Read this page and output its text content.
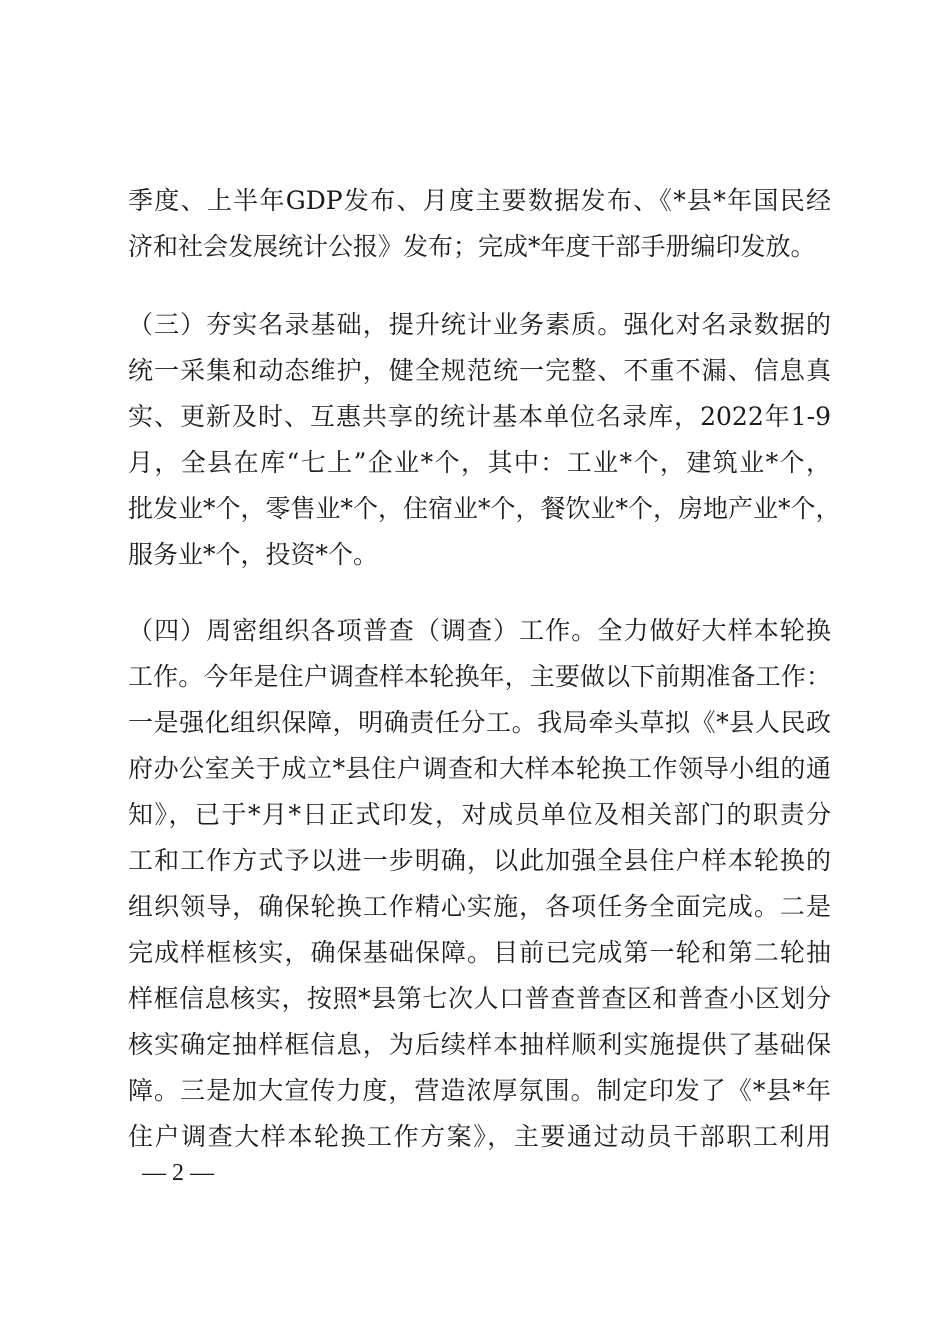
季度、上半年GDP发布、月度主要数据发布、《*县*年国民经
济和社会发展统计公报》发布；完成*年度干部手册编印发放。
（三）夯实名录基础，提升统计业务素质。强化对名录数据的
统一采集和动态维护，健全规范统一完整、不重不漏、信息真
实、更新及时、互惠共享的统计基本单位名录库，2022年1-9
月，全县在库“七上”企业*个，其中：工业*个，建筑业*个，
批发业*个，零售业*个，住宿业*个，餐饮业*个，房地产业*个，
服务业*个，投资*个。
（四）周密组织各项普查（调查）工作。全力做好大样本轮换
工作。今年是住户调查样本轮换年，主要做以下前期准备工作：
一是强化组织保障，明确责任分工。我局牵头草拟《*县人民政
府办公室关于成立*县住户调查和大样本轮换工作领导小组的通
知》，已于*月*日正式印发，对成员单位及相关部门的职责分
工和工作方式予以进一步明确，以此加强全县住户样本轮换的
组织领导，确保轮换工作精心实施，各项任务全面完成。二是
完成样框核实，确保基础保障。目前已完成第一轮和第二轮抽
样框信息核实，按照*县第七次人口普查普查区和普查小区划分
核实确定抽样框信息，为后续样本抽样顺利实施提供了基础保
障。三是加大宣传力度，营造浓厚氛围。制定印发了《*县*年
住户调查大样本轮换工作方案》，主要通过动员干部职工利用
— 2 —
